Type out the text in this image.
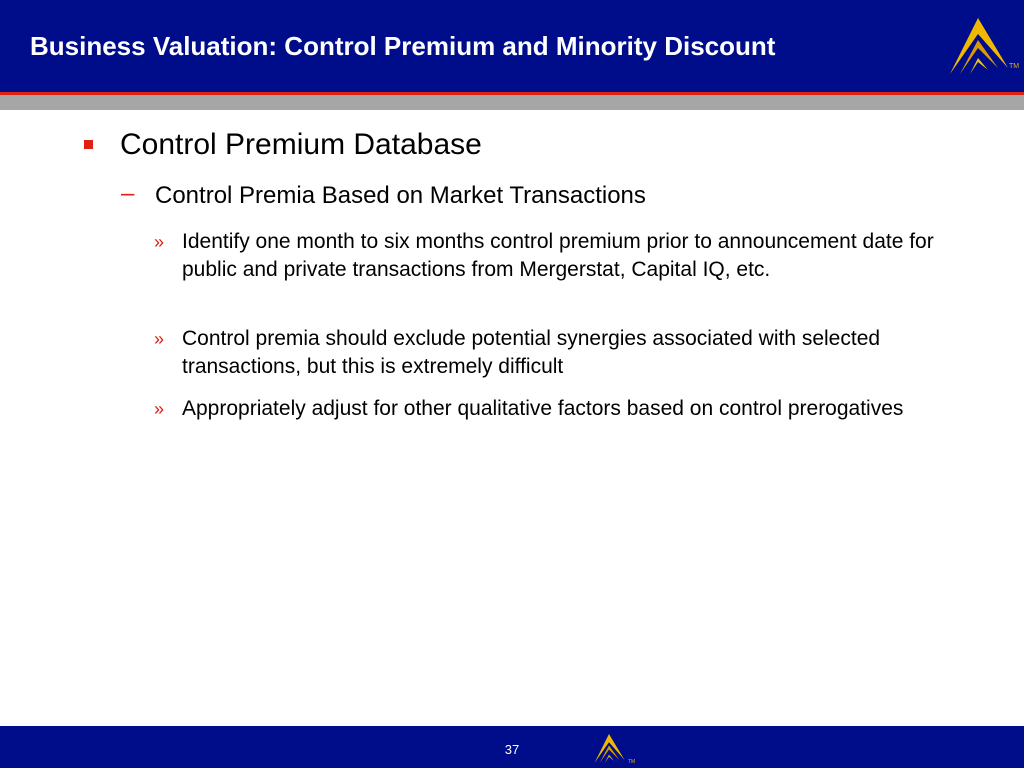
Business Valuation: Control Premium and Minority Discount
TM
Control Premium Database
– Control Premia Based on Market Transactions
» Identify one month to six months control premium prior to announcement date for public and private transactions from Mergerstat, Capital IQ, etc.
» Control premia should exclude potential synergies associated with selected transactions, but this is extremely difficult
» Appropriately adjust for other qualitative factors based on control prerogatives
37
TM
